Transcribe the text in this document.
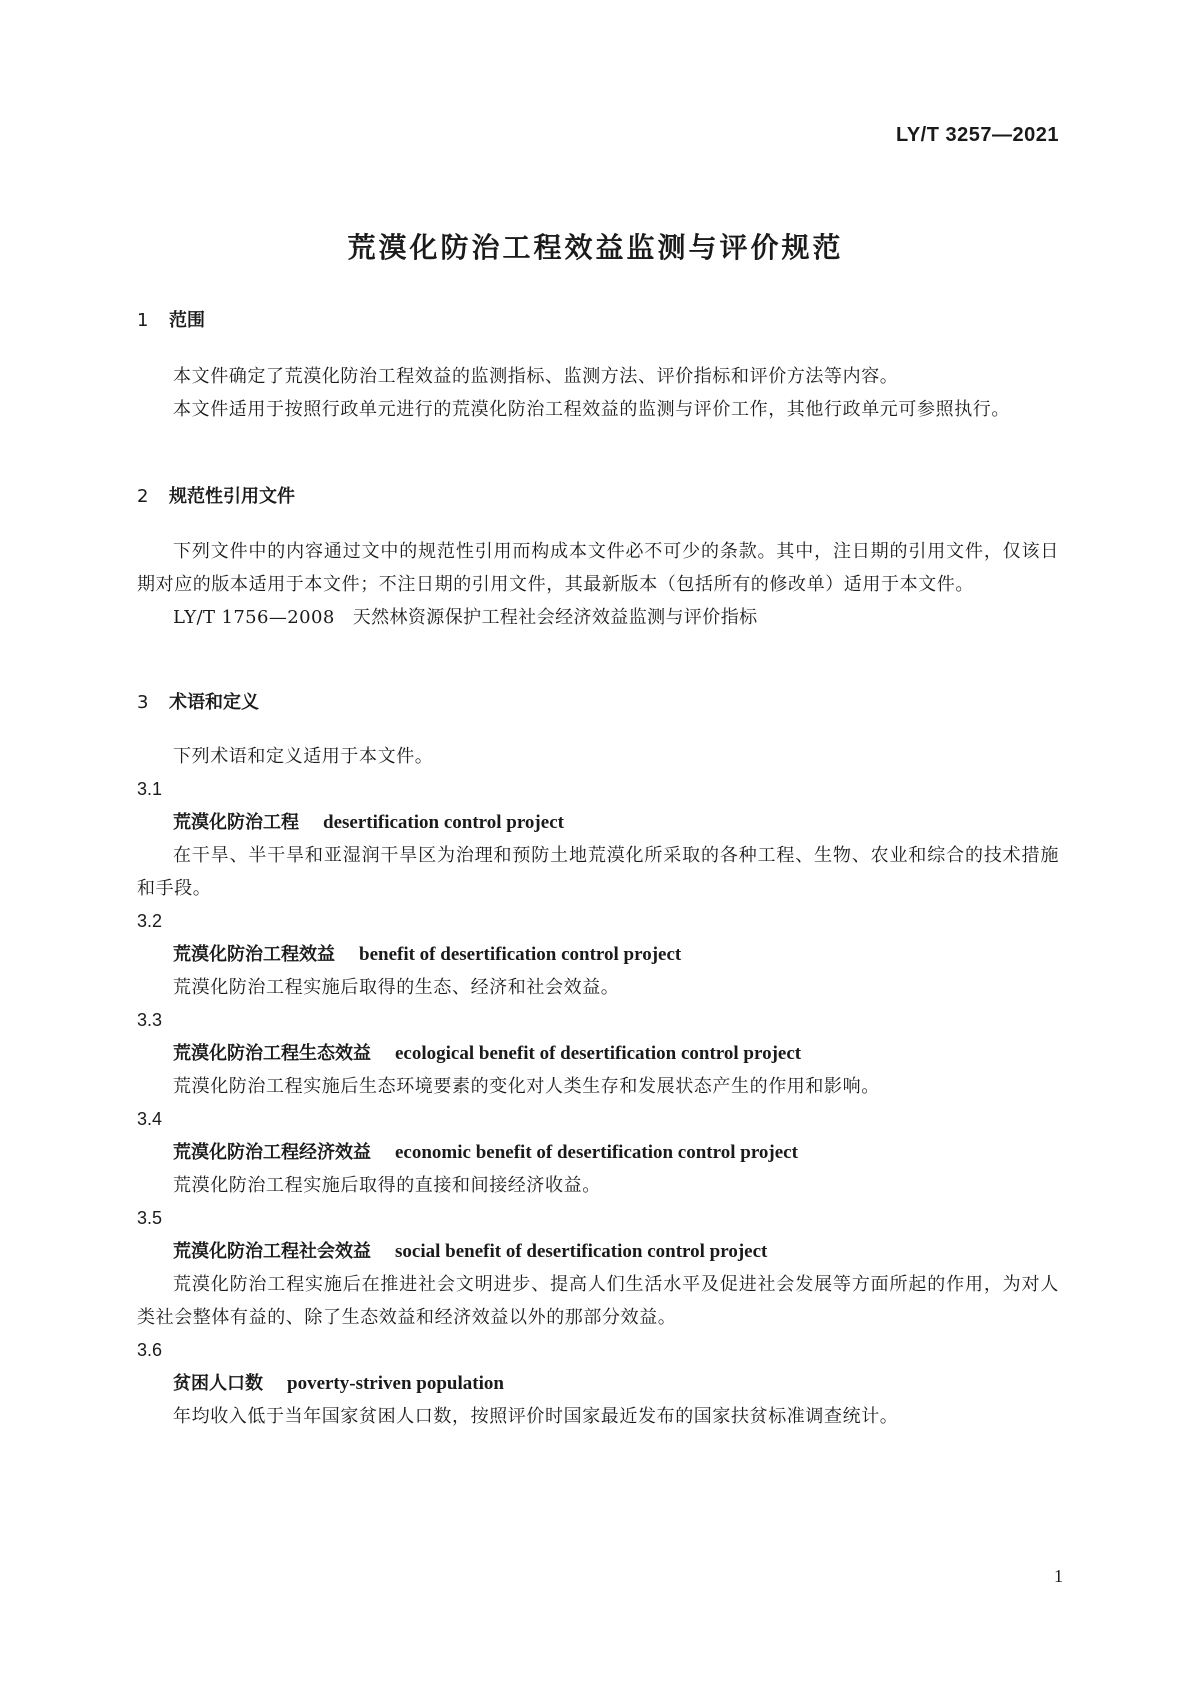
LY/T 3257—2021
荒漠化防治工程效益监测与评价规范
1 范围
本文件确定了荒漠化防治工程效益的监测指标、监测方法、评价指标和评价方法等内容。
本文件适用于按照行政单元进行的荒漠化防治工程效益的监测与评价工作，其他行政单元可参照执行。
2 规范性引用文件
下列文件中的内容通过文中的规范性引用而构成本文件必不可少的条款。其中，注日期的引用文件，仅该日期对应的版本适用于本文件；不注日期的引用文件，其最新版本（包括所有的修改单）适用于本文件。
LY/T 1756—2008 天然林资源保护工程社会经济效益监测与评价指标
3 术语和定义
下列术语和定义适用于本文件。
3.1
荒漠化防治工程 desertification control project
在干旱、半干旱和亚湿润干旱区为治理和预防土地荒漠化所采取的各种工程、生物、农业和综合的技术措施和手段。
3.2
荒漠化防治工程效益 benefit of desertification control project
荒漠化防治工程实施后取得的生态、经济和社会效益。
3.3
荒漠化防治工程生态效益 ecological benefit of desertification control project
荒漠化防治工程实施后生态环境要素的变化对人类生存和发展状态产生的作用和影响。
3.4
荒漠化防治工程经济效益 economic benefit of desertification control project
荒漠化防治工程实施后取得的直接和间接经济收益。
3.5
荒漠化防治工程社会效益 social benefit of desertification control project
荒漠化防治工程实施后在推进社会文明进步、提高人们生活水平及促进社会发展等方面所起的作用，为对人类社会整体有益的、除了生态效益和经济效益以外的那部分效益。
3.6
贫困人口数 poverty-striven population
年均收入低于当年国家贫困人口数，按照评价时国家最近发布的国家扶贫标准调查统计。
1
